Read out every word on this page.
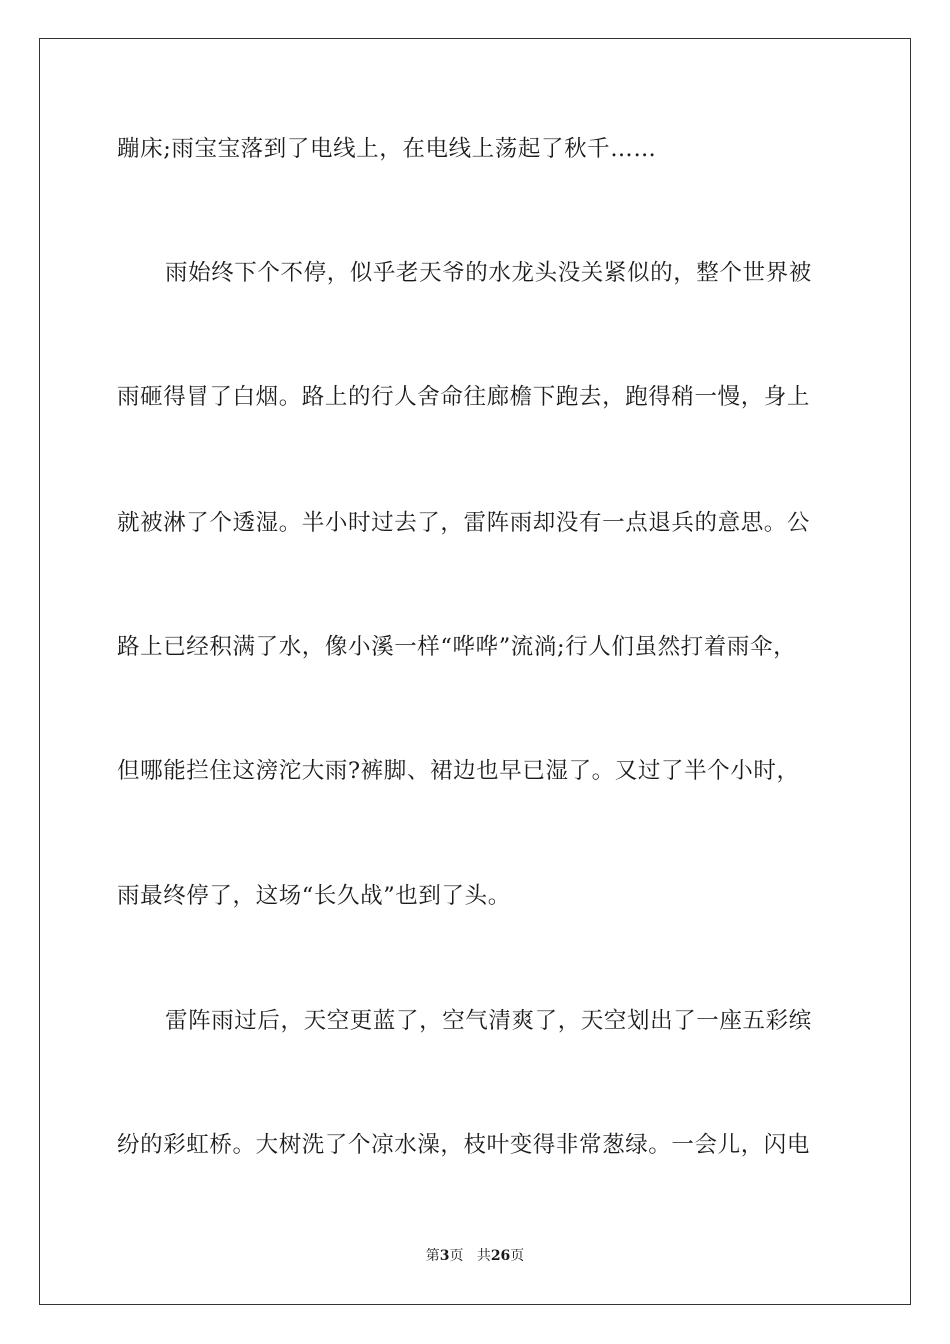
蹦床;雨宝宝落到了电线上，在电线上荡起了秋千……
雨始终下个不停，似乎老天爷的水龙头没关紧似的，整个世界被
雨砸得冒了白烟。路上的行人舍命往廊檐下跑去，跑得稍一慢，身上
就被淋了个透湿。半小时过去了，雷阵雨却没有一点退兵的意思。公
路上已经积满了水，像小溪一样“哗哗”流淌;行人们虽然打着雨伞，
但哪能拦住这滂沱大雨?裤脚、裙边也早已湿了。又过了半个小时，
雨最终停了，这场“长久战”也到了头。
雷阵雨过后，天空更蓝了，空气清爽了，天空划出了一座五彩缤
纷的彩虹桥。大树洗了个凉水澡，枝叶变得非常葱绿。一会儿，闪电
第3页 共26页
